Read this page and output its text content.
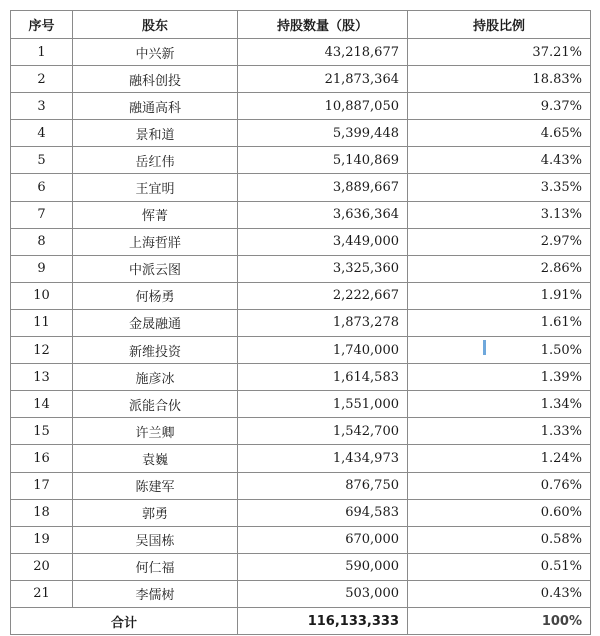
序号	股东	持股数量（股）	持股比例
1	中兴新	43,218,677	37.21%
2	融科创投	21,873,364	18.83%
3	融通高科	10,887,050	9.37%
4	景和道	5,399,448	4.65%
5	岳红伟	5,140,869	4.43%
6	王宜明	3,889,667	3.35%
7	恽菁	3,636,364	3.13%
8	上海哲牂	3,449,000	2.97%
9	中派云图	3,325,360	2.86%
10	何杨勇	2,222,667	1.91%
11	金晟融通	1,873,278	1.61%
12	新维投资	1,740,000	1.50%
13	施彦冰	1,614,583	1.39%
14	派能合伙	1,551,000	1.34%
15	许兰卿	1,542,700	1.33%
16	袁巍	1,434,973	1.24%
17	陈建军	876,750	0.76%
18	郭勇	694,583	0.60%
19	吴国栋	670,000	0.58%
20	何仁福	590,000	0.51%
21	李儒树	503,000	0.43%
合计		116,133,333	100%
